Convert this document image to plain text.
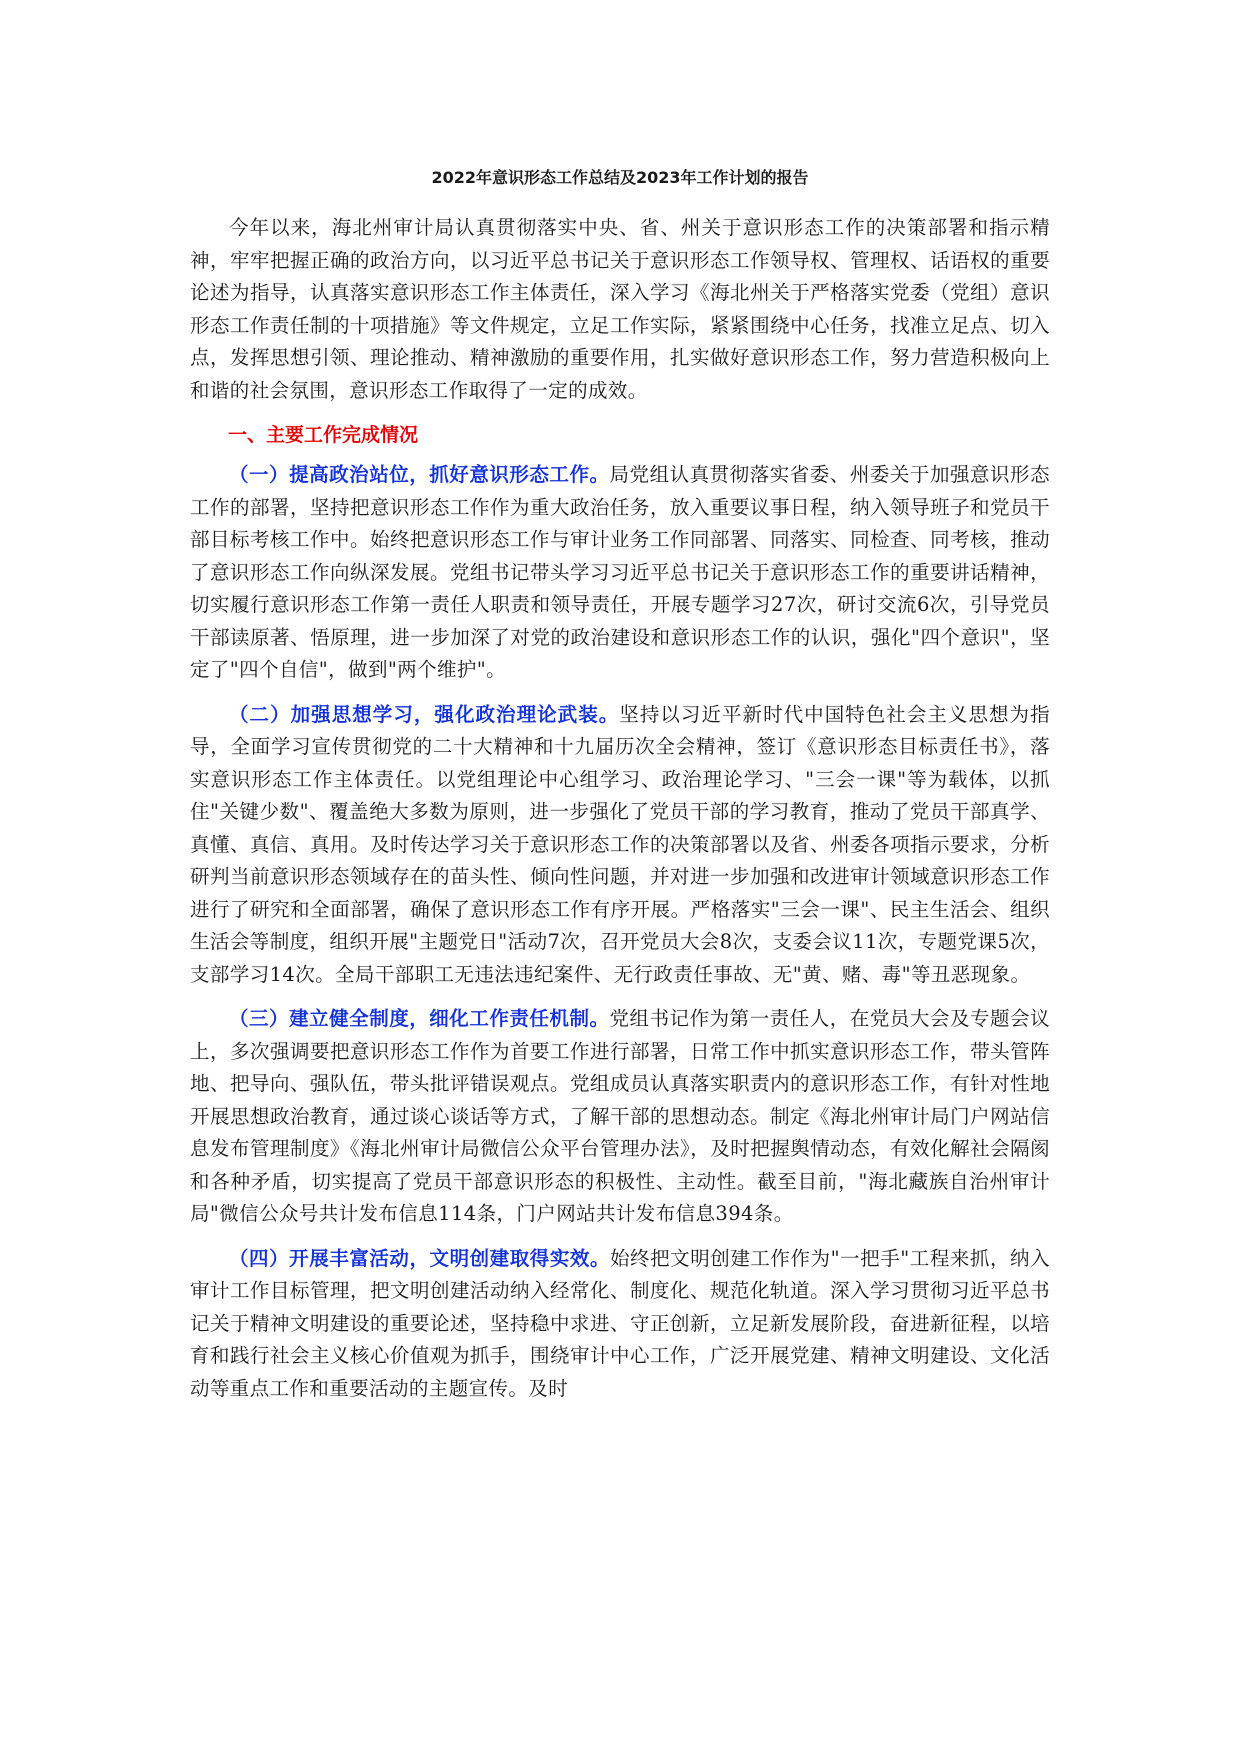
2022年意识形态工作总结及2023年工作计划的报告

今年以来，海北州审计局认真贯彻落实中央、省、州关于意识形态工作的决策部署和指示精神，牢牢把握正确的政治方向，以习近平总书记关于意识形态工作领导权、管理权、话语权的重要论述为指导，认真落实意识形态工作主体责任，深入学习《海北州关于严格落实党委（党组）意识形态工作责任制的十项措施》等文件规定，立足工作实际，紧紧围绕中心任务，找准立足点、切入点，发挥思想引领、理论推动、精神激励的重要作用，扎实做好意识形态工作，努力营造积极向上和谐的社会氛围，意识形态工作取得了一定的成效。

一、主要工作完成情况

（一）提高政治站位，抓好意识形态工作。局党组认真贯彻落实省委、州委关于加强意识形态工作的部署，坚持把意识形态工作作为重大政治任务，放入重要议事日程，纳入领导班子和党员干部目标考核工作中。始终把意识形态工作与审计业务工作同部署、同落实、同检查、同考核，推动了意识形态工作向纵深发展。党组书记带头学习习近平总书记关于意识形态工作的重要讲话精神，切实履行意识形态工作第一责任人职责和领导责任，开展专题学习27次，研讨交流6次，引导党员干部读原著、悟原理，进一步加深了对党的政治建设和意识形态工作的认识，强化"四个意识"，坚定了"四个自信"，做到"两个维护"。

（二）加强思想学习，强化政治理论武装。坚持以习近平新时代中国特色社会主义思想为指导，全面学习宣传贯彻党的二十大精神和十九届历次全会精神，签订《意识形态目标责任书》，落实意识形态工作主体责任。以党组理论中心组学习、政治理论学习、"三会一课"等为载体，以抓住"关键少数"、覆盖绝大多数为原则，进一步强化了党员干部的学习教育，推动了党员干部真学、真懂、真信、真用。及时传达学习关于意识形态工作的决策部署以及省、州委各项指示要求，分析研判当前意识形态领域存在的苗头性、倾向性问题，并对进一步加强和改进审计领域意识形态工作进行了研究和全面部署，确保了意识形态工作有序开展。严格落实"三会一课"、民主生活会、组织生活会等制度，组织开展"主题党日"活动7次，召开党员大会8次，支委会议11次，专题党课5次，支部学习14次。全局干部职工无违法违纪案件、无行政责任事故、无"黄、赌、毒"等丑恶现象。

（三）建立健全制度，细化工作责任机制。党组书记作为第一责任人，在党员大会及专题会议上，多次强调要把意识形态工作作为首要工作进行部署，日常工作中抓实意识形态工作，带头管阵地、把导向、强队伍，带头批评错误观点。党组成员认真落实职责内的意识形态工作，有针对性地开展思想政治教育，通过谈心谈话等方式，了解干部的思想动态。制定《海北州审计局门户网站信息发布管理制度》《海北州审计局微信公众平台管理办法》，及时把握舆情动态，有效化解社会隔阂和各种矛盾，切实提高了党员干部意识形态的积极性、主动性。截至目前，"海北藏族自治州审计局"微信公众号共计发布信息114条，门户网站共计发布信息394条。

（四）开展丰富活动，文明创建取得实效。始终把文明创建工作作为"一把手"工程来抓，纳入审计工作目标管理，把文明创建活动纳入经常化、制度化、规范化轨道。深入学习贯彻习近平总书记关于精神文明建设的重要论述，坚持稳中求进、守正创新，立足新发展阶段，奋进新征程，以培育和践行社会主义核心价值观为抓手，围绕审计中心工作，广泛开展党建、精神文明建设、文化活动等重点工作和重要活动的主题宣传。及时
